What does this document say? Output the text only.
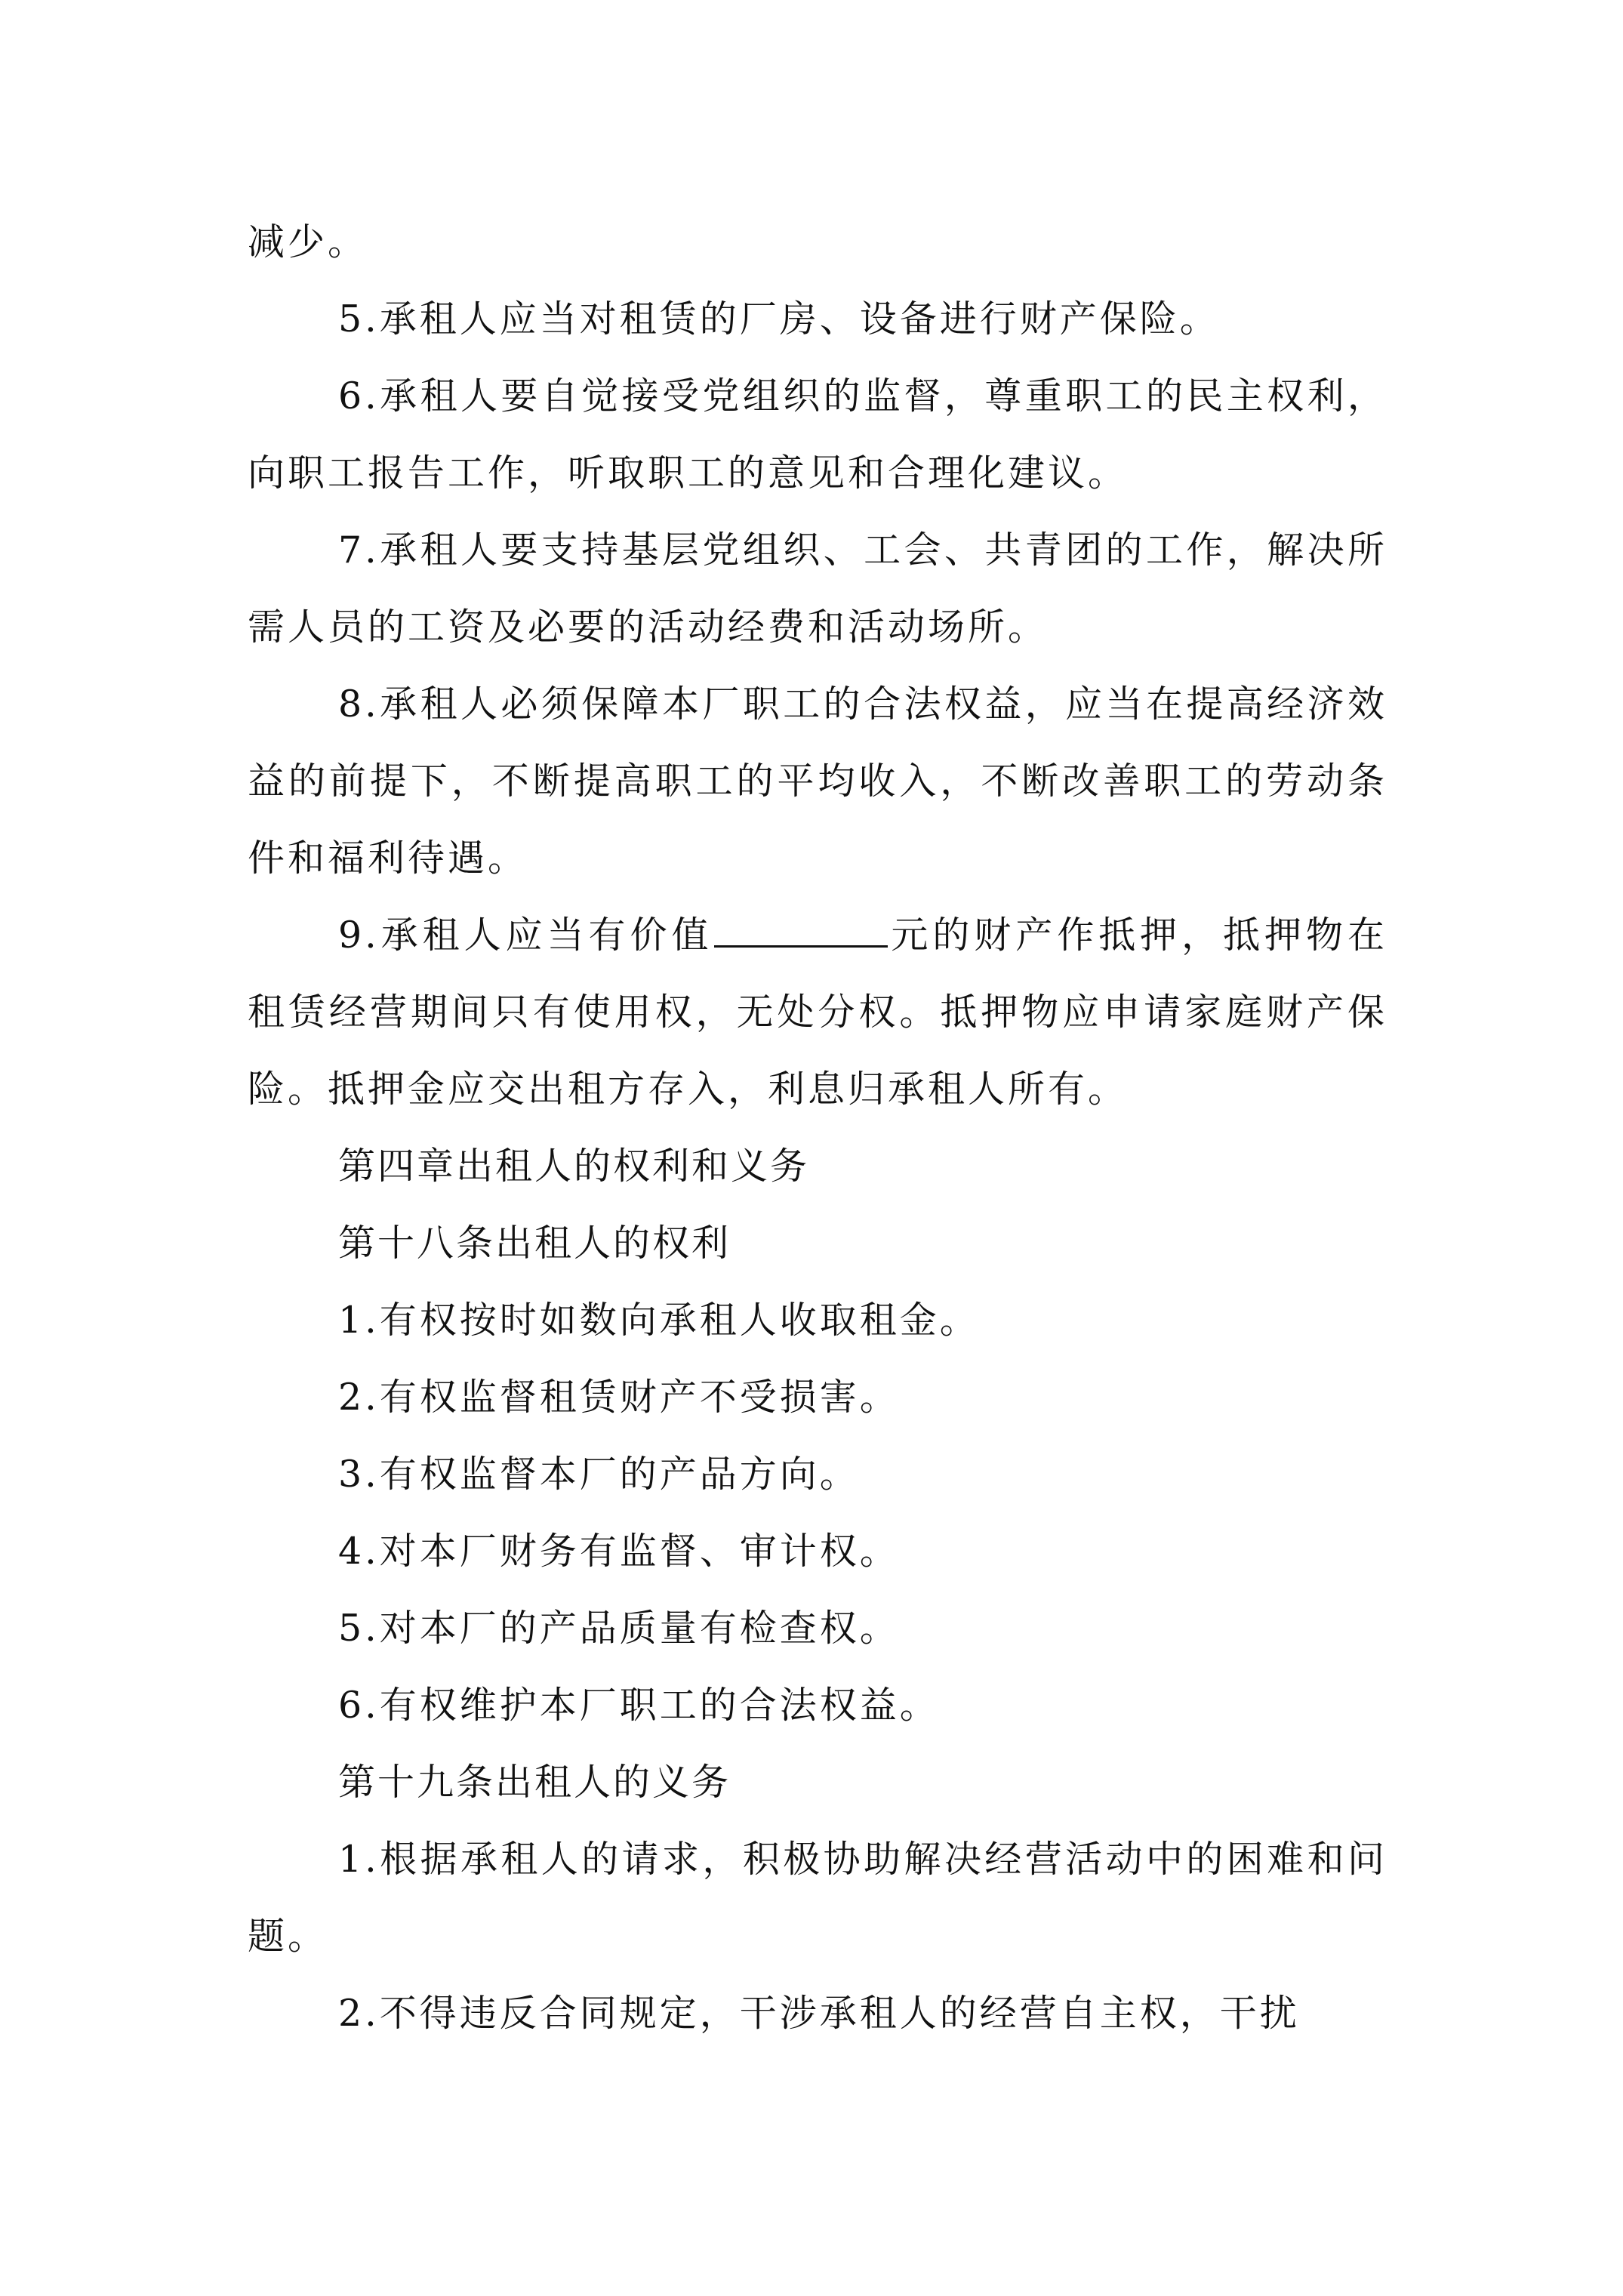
减少。

5.承租人应当对租赁的厂房、设备进行财产保险。

6.承租人要自觉接受党组织的监督，尊重职工的民主权利，向职工报告工作，听取职工的意见和合理化建议。

7.承租人要支持基层党组织、工会、共青团的工作，解决所需人员的工资及必要的活动经费和活动场所。

8.承租人必须保障本厂职工的合法权益，应当在提高经济效益的前提下，不断提高职工的平均收入，不断改善职工的劳动条件和福利待遇。

9.承租人应当有价值	元的财产作抵押，抵押物在租赁经营期间只有使用权，无处分权。抵押物应申请家庭财产保险。抵押金应交出租方存入，利息归承租人所有。

第四章出租人的权利和义务

第十八条出租人的权利

1.有权按时如数向承租人收取租金。

2.有权监督租赁财产不受损害。

3.有权监督本厂的产品方向。

4.对本厂财务有监督、审计权。

5.对本厂的产品质量有检查权。

6.有权维护本厂职工的合法权益。

第十九条出租人的义务

1.根据承租人的请求，积极协助解决经营活动中的困难和问题。

2.不得违反合同规定，干涉承租人的经营自主权，干扰
